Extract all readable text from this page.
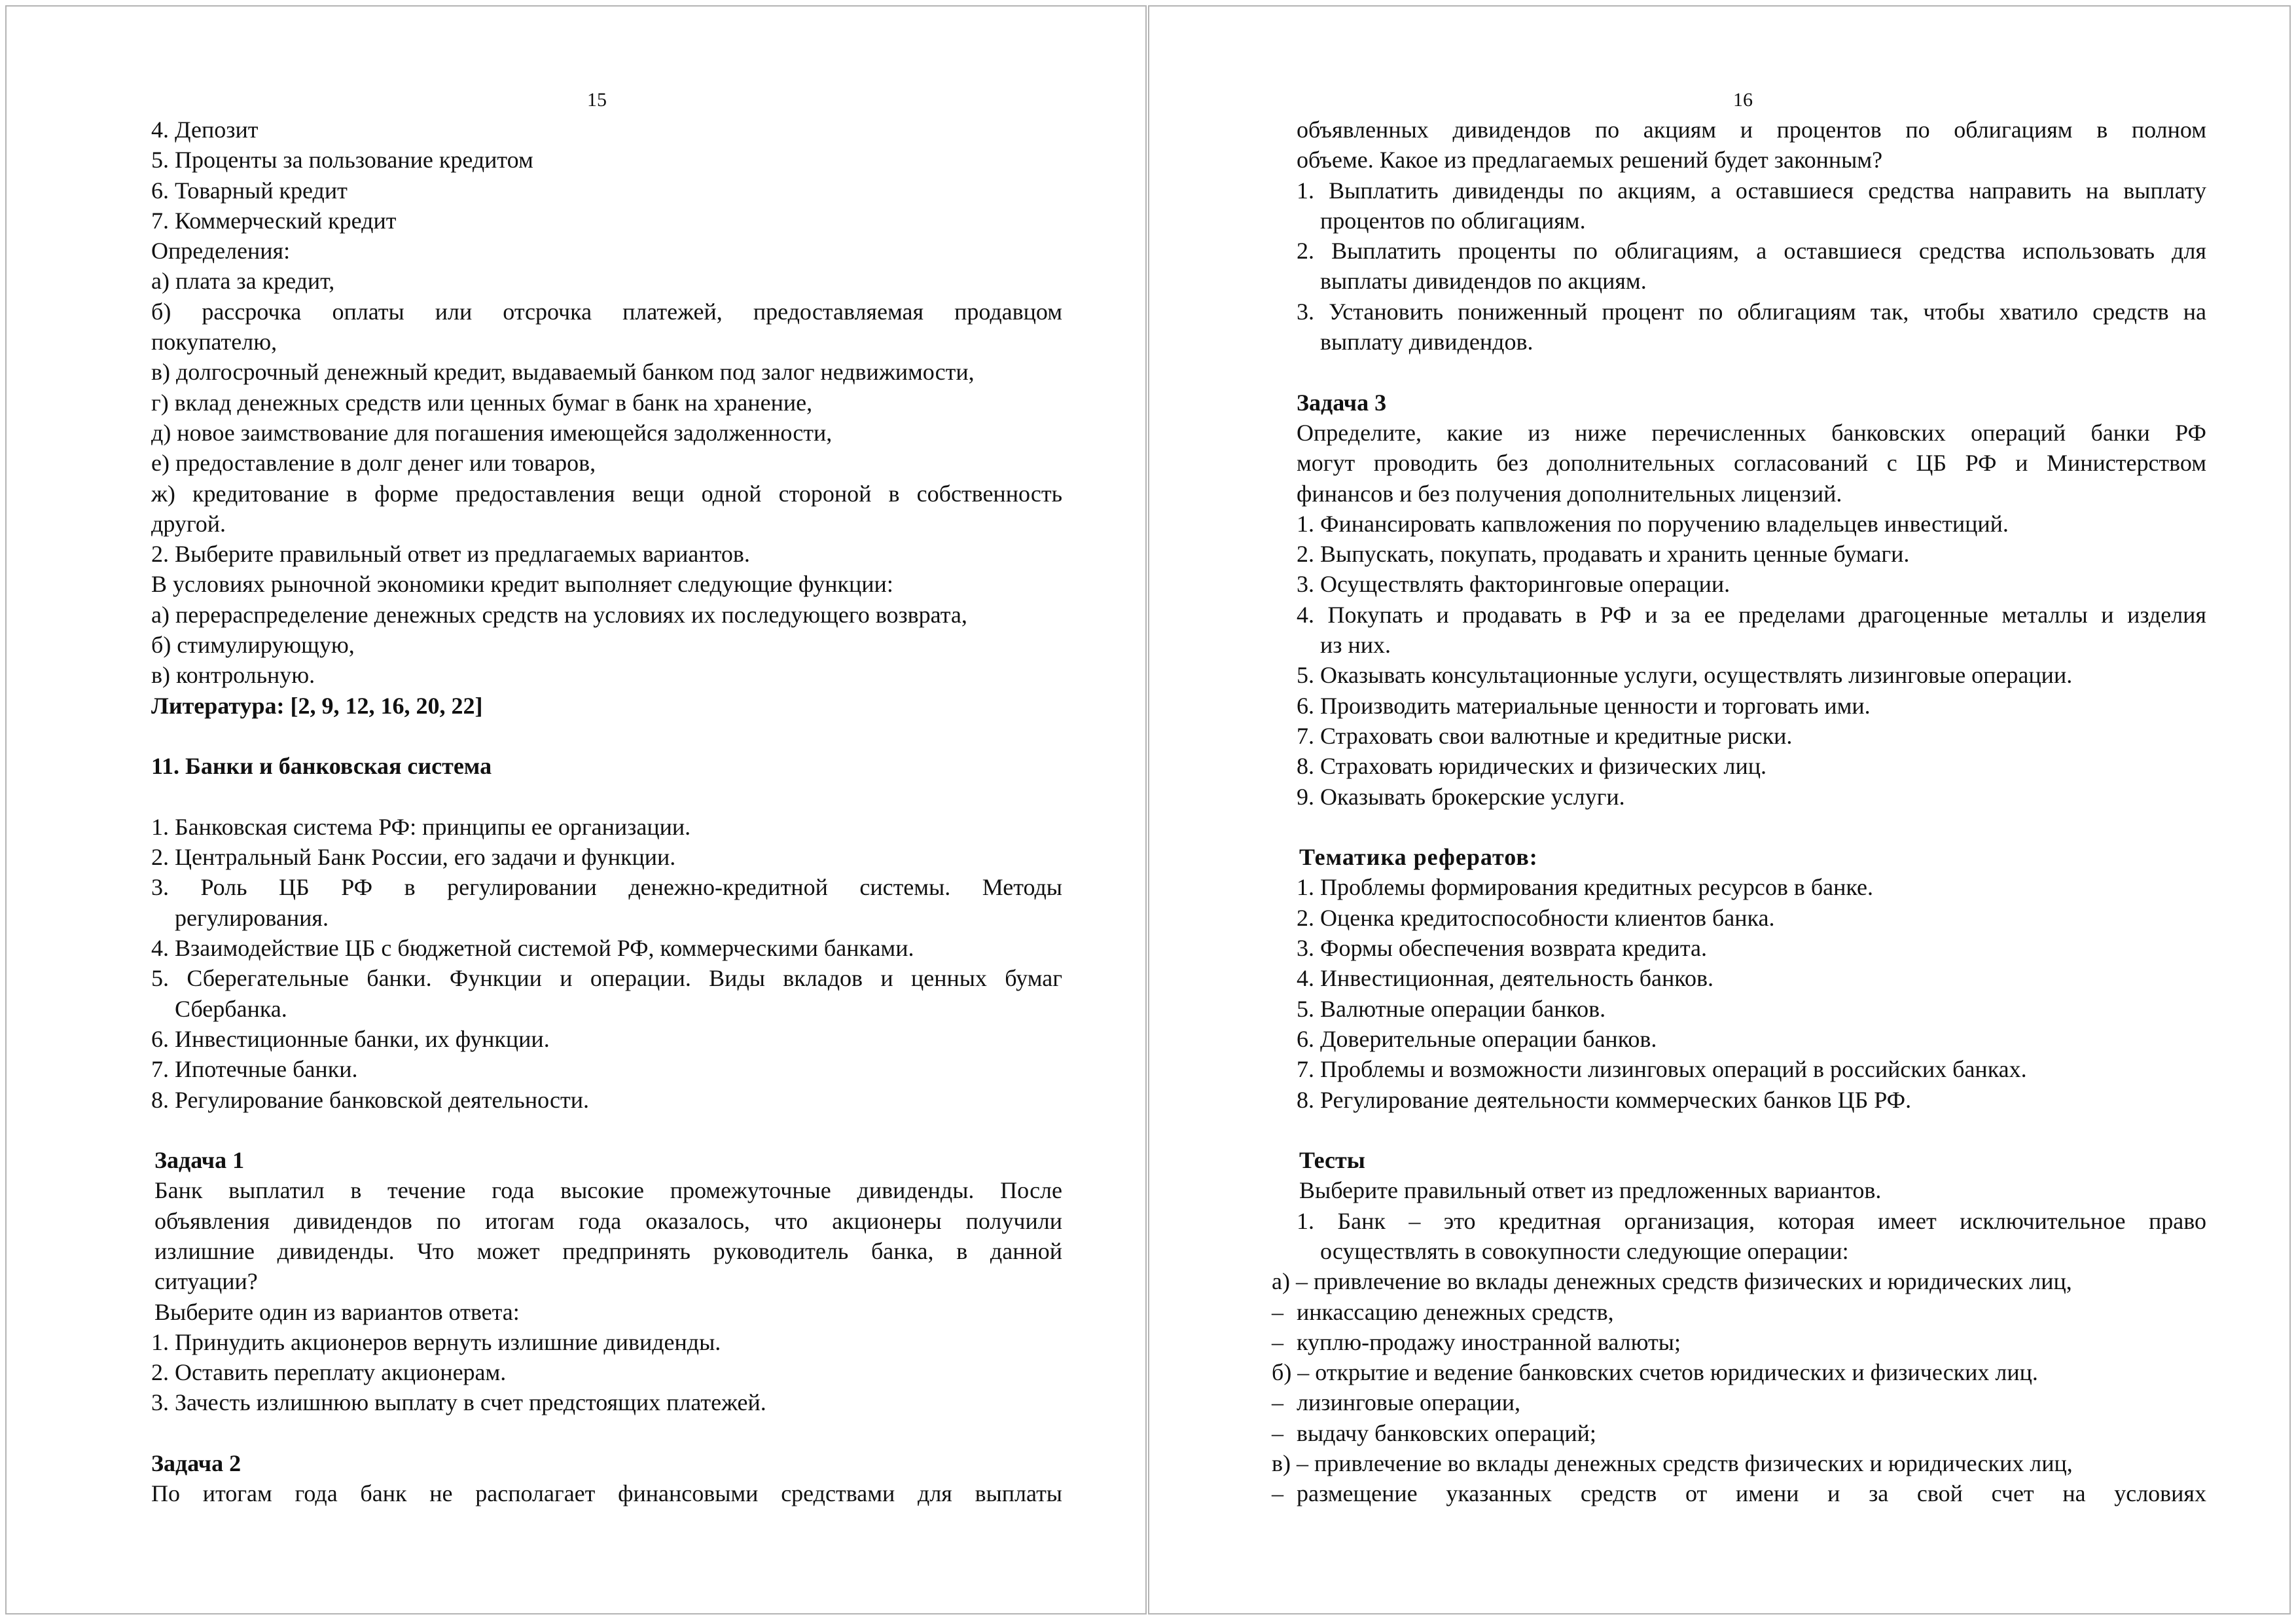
15
4. Депозит
5. Проценты за пользование кредитом
6. Товарный кредит
7. Коммерческий кредит
Определения:
а) плата за кредит,
б) рассрочка оплаты или отсрочка платежей, предоставляемая продавцом
покупателю,
в) долгосрочный денежный кредит, выдаваемый банком под залог недвижимости,
г) вклад денежных средств или ценных бумаг в банк на хранение,
д) новое заимствование для погашения имеющейся задолженности,
е) предоставление в долг денег или товаров,
ж) кредитование в форме предоставления вещи одной стороной в собственность
другой.
2. Выберите правильный ответ из предлагаемых вариантов.
В условиях рыночной экономики кредит выполняет следующие функции:
а) перераспределение денежных средств на условиях их последующего возврата,
б) стимулирующую,
в) контрольную.
Литература: [2, 9, 12, 16, 20, 22]
11. Банки и банковская система
1. Банковская система РФ: принципы ее организации.
2. Центральный Банк России, его задачи и функции.
3. Роль ЦБ РФ в регулировании денежно-кредитной системы. Методы
регулирования.
4. Взаимодействие ЦБ с бюджетной системой РФ, коммерческими банками.
5. Сберегательные банки. Функции и операции. Виды вкладов и ценных бумаг
Сбербанка.
6. Инвестиционные банки, их функции.
7. Ипотечные банки.
8. Регулирование банковской деятельности.
Задача 1
Банк выплатил в течение года высокие промежуточные дивиденды. После
объявления дивидендов по итогам года оказалось, что акционеры получили
излишние дивиденды. Что может предпринять руководитель банка, в данной
ситуации?
Выберите один из вариантов ответа:
1. Принудить акционеров вернуть излишние дивиденды.
2. Оставить переплату акционерам.
3. Зачесть излишнюю выплату в счет предстоящих платежей.
Задача 2
По итогам года банк не располагает финансовыми средствами для выплаты
16
объявленных дивидендов по акциям и процентов по облигациям в полном
объеме. Какое из предлагаемых решений будет законным?
1. Выплатить дивиденды по акциям, а оставшиеся средства направить на выплату
процентов по облигациям.
2. Выплатить проценты по облигациям, а оставшиеся средства использовать для
выплаты дивидендов по акциям.
3. Установить пониженный процент по облигациям так, чтобы хватило средств на
выплату дивидендов.
Задача 3
Определите, какие из ниже перечисленных банковских операций банки РФ
могут проводить без дополнительных согласований с ЦБ РФ и Министерством
финансов и без получения дополнительных лицензий.
1. Финансировать капвложения по поручению владельцев инвестиций.
2. Выпускать, покупать, продавать и хранить ценные бумаги.
3. Осуществлять факторинговые операции.
4. Покупать и продавать в РФ и за ее пределами драгоценные металлы и изделия
из них.
5. Оказывать консультационные услуги, осуществлять лизинговые операции.
6. Производить материальные ценности и торговать ими.
7. Страховать свои валютные и кредитные риски.
8. Страховать юридических и физических лиц.
9. Оказывать брокерские услуги.
Тематика рефератов:
1. Проблемы формирования кредитных ресурсов в банке.
2. Оценка кредитоспособности клиентов банка.
3. Формы обеспечения возврата кредита.
4. Инвестиционная, деятельность банков.
5. Валютные операции банков.
6. Доверительные операции банков.
7. Проблемы и возможности лизинговых операций в российских банках.
8. Регулирование деятельности коммерческих банков ЦБ РФ.
Тесты
Выберите правильный ответ из предложенных вариантов.
1. Банк – это кредитная организация, которая имеет исключительное право
осуществлять в совокупности следующие операции:
а) – привлечение во вклады денежных средств физических и юридических лиц,
– инкассацию денежных средств,
– куплю-продажу иностранной валюты;
б) – открытие и ведение банковских счетов юридических и физических лиц.
– лизинговые операции,
– выдачу банковских операций;
в) – привлечение во вклады денежных средств физических и юридических лиц,
– размещение указанных средств от имени и за свой счет на условиях
